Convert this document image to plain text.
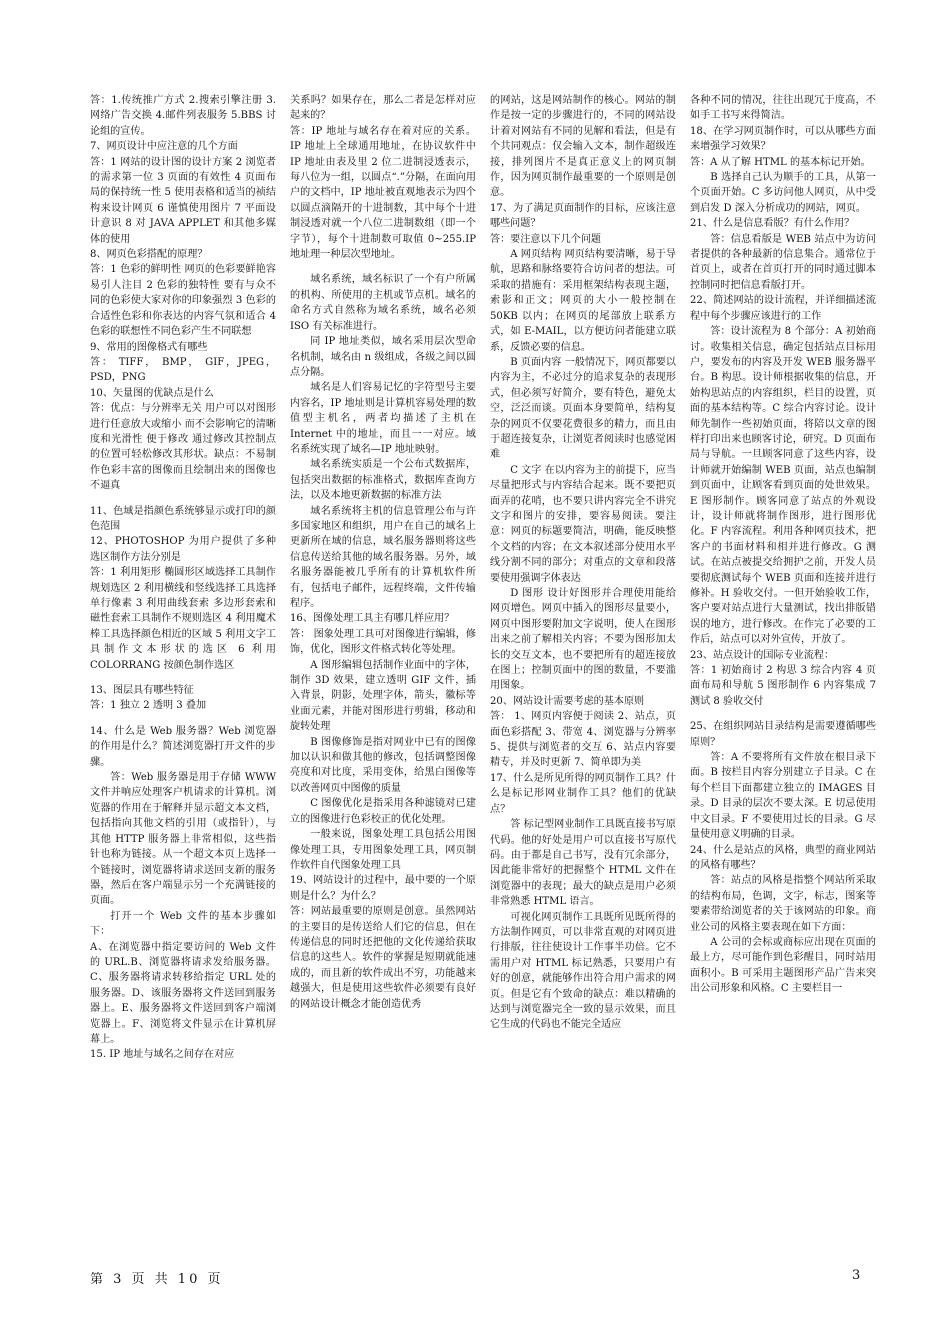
答：1.传统推广方式 2.搜索引擎注册 3.网络广告交换 4.邮件列表服务 5.BBS 讨论组的宣传。

7、网页设计中应注意的几个方面

答：1 网站的设计图的设计方案 2 浏览者的需求第一位 3 页面的有效性 4 页面布局的保持统一性 5 使用表格和适当的祯结构来设计网页 6 谨慎使用图片 7 平面设计意识 8 对 JAVA APPLET 和其他多媒体的使用

8、网页色彩搭配的原理？

答：1 色彩的鲜明性 网页的色彩要鲜艳容易引人注目 2 色彩的独特性 要有与众不同的色彩使大家对你的印象强烈 3 色彩的合适性色彩和你表达的内容气氛和适合 4 色彩的联想性不同色彩产生不同联想

9、常用的图像格式有哪些

答： TIFF， BMP， GIF，JPEG，PSD，PNG

10、矢量图的优缺点是什么

答：优点：与分辨率无关 用户可以对图形进行任意放大或缩小 而不会影响它的清晰度和光滑性 便于修改 通过修改其控制点的位置可轻松修改其形状。缺点：不易制作色彩丰富的图像而且绘制出来的图像也不逼真

11、色域是指颜色系统够显示或打印的颜色范围

12、PHOTOSHOP 为用户提供了多种选区制作方法分别是

答：1 利用矩形 椭圆形区域选择工具制作规划选区 2 利用横线和竖线选择工具选择单行像素 3 利用曲线套索 多边形套索和磁性套索工具制作不规则选区 4 利用魔术棒工具选择颜色相近的区域 5 利用文字工具制作文本形状的选区 6 利用 COLORRANG 按颜色制作选区

13、图层具有哪些特征

答：1 独立 2 透明 3 叠加

14、什么是 Web 服务器？Web 浏览器的作用是什么？简述浏览器打开文件的步骤。

答：Web 服务器是用于存储 WWW 文件并响应处理客户机请求的计算机。浏览器的作用在于解释并显示超文本文档，包括指向其他文档的引用（或指针），与其他 HTTP 服务器上非常相似，这些指针也称为链接。从一个超文本页上选择一个链接时，浏览器将请求送回支新的服务器，然后在客户端显示另一个充满链接的页面。

打开一个 Web 文件的基本步骤如下：

A、在浏览器中指定要访问的 Web 文件的 URL.B、浏览器将请求发给服务器。C、服务器将请求转移给指定 URL 处的服务器。D、该服务器将文件送回到服务器上。E、服务器将文件送回到客户端浏览器上。F、浏览将文件显示在计算机屏幕上。

15. IP 地址与域名之间存在对应

关系吗？如果存在，那么二者是怎样对应起来的？

答：IP 地址与域名存在着对应的关系。IP 地址上全球通用地址，在协议软件中 IP 地址由表及里 2 位二进制浸透表示，每八位为一组，以圆点“.”分隔，在面向用户的文档中，IP 地址被直观地表示为四个以圆点滴隔开的十进制数，其中每个十进制浸透对就一个八位二进制数组（即一个字节），每个十进制数可取值 0~255.IP 地址理一种层次型地址。

域名系统，域名标识了一个有户所属的机构、所使用的主机或节点机。域名的命名方式自然称为域名系统，域名必须 ISO 有关标准进行。

同 IP 地址类似，域名采用层次型命名机制，域名由 n 级组成，各级之间以圆点分隔。

域名是人们容易记忆的字符型号主要内容名，IP 地址则是计算机容易处理的数值型主机名，两者均描述了主机在 Internet 中的地址，而且一一对应。域名系统实现了域名—IP 地址映射。

域名系统实质是一个公布式数据库，包括突出数据的标准格式，数据库查询方法，以及本地更新数据的标准方法

域名系统将主机的信息管理公布与许多国家地区和组织，用户在自己的域名上更新所在域的信息，域名服务器则将这些信息传送给其他的域名服务器。另外，域名服务器能被几乎所有的计算机软件所有，包括电子邮件，远程终端，文件传输程序。

16、图像处理工具主有哪几样应用？

答： 图象处理工具可对图像进行编辑，修饰，优化，图形文件格式转化等处理。

A 图形编辑包括制作业面中的字体，制作 3D 效果，建立透明 GIF 文件，插入背景，阴影，处理字体，箭头，徽标等业面元素，并能对图形进行剪辑，移动和旋转处理

B 图像修饰是指对网业中已有的图像加以认识和做其他的修改，包括调整图像亮度和对比度，采用变体，给黑白图像等以改善网页中图像的质量

C 图像优化是指采用各种滤镜对已建立的图像进行色彩校正的优化处理。

一般来说，图象处理工具包括公用图像处理工具，专用图象处理工具，网页制作软件自代图象处理工具

19、网站设计的过程中，最中要的一个原则是什么？为什么？

答：网站最重要的原则是创意。虽然网站的主要目的是传送给人们它的信息，但在传递信息的同时还把他的文化传递给获取信息的这些人。软件的掌握是短期就能速成的，而且新的软件成出不穷，功能越来越强大，但是使用这些软件必须要有良好的网站设计概念才能创造优秀

的网站，这是网站制作的核心。网站的制作是按一定的步骤进行的，不同的网站设计着对网站有不同的见解和看法，但是有个共同观点：仅会输入文本，制作超级连接，排列图片不是真正意义上的网页制作，因为网页制作最重要的一个原则是创意。

17、为了满足页面制作的目标，应该注意哪些问题？

答：要注意以下几个问题

A 网页结构 网页结构要清晰，易于导航，思路和脉络要符合访问者的想法。可采取的措施有：采用框架结构表现主题，索影和正文；网页的大小一般控制在 50KB 以内；在网页的尾部放上联系方式，如 E-MAIL，以方便访问者能建立联系，反馈必要的信息。

B 页面内容 一般情况下，网页都要以内容为主，不必过分的追求复杂的表现形式，但必须写好简介，要有特色，避免太空，泛泛而谈。页面本身要简单，结构复杂的网页不仅要花费很多的精力，而且由于超连接复杂，让浏览者阅读时也感觉困难

C 文字 在以内容为主的前提下，应当尽量把形式与内容结合起来。既不要把页面弄的花哨，也不要只讲内容完全不讲究文字和图片的安排，要容易阅读。要注意：网页的标题要简洁，明确，能反映整个文档的内容；在文本叙述部分使用水平线分割不同的部分；对重点的文章和段落要使用强调字体表达

D 图形 设计好图形并合理使用能给网页增色。网页中插入的图形尽量要小，网页中图形要附加文字说明，使人在图形出来之前了解相关内容；不要为图形加太长的交互文本，也不要把所有的超连接放在图上；控制页面中的图的数量，不要滥用图象。

20、网站设计需要考虑的基本原则

答： 1、网页内容便于阅读 2、站点，页面色彩搭配 3、带宽 4、浏览器与分辨率 5、提供与浏览者的交互 6、站点内容要精专，并及时更新 7、简单即为美

17、什么是所见所得的网页制作工具？什么是标记形网业制作工具？他们的优缺点？

答 标记型网业制作工具既直接书写原代码。他的好处是用户可以直接书写原代码。由于都是自己书写，没有冗余部分，因此能非常好的把握整个 HTML 文件在浏览器中的表现；最大的缺点是用户必须非常熟悉 HTML 语言。

可视化网页制作工具既所见既所得的方法制作网页，可以非常直观的对网页进行排版，往往使设计工作事半功倍。它不需用户对 HTML 标记熟悉，只要用户有好的创意，就能够作出符合用户需求的网页。但是它有个致命的缺点：难以精确的达到与浏览器完全一致的显示效果，而且它生成的代码也不能完全适应

各种不同的情况，往往出现冗于度高，不如手工书写来得简洁。

18、在学习网页制作时，可以从哪些方面来增强学习效果？

答：A 从了解 HTML 的基本标记开始。

B 选择自己认为顺手的工具，从第一个页面开始。C 多访问他人网页，从中受到启发 D 深入分析成功的网站，网页。

21、什么是信息看版？有什么作用？

答：信息看版是 WEB 站点中为访问者提供的各种最新的信息集合。通常位于首页上，或者在首页打开的同时通过脚本控制同时把信息看版打开。

22、简述网站的设计流程，并详细描述流程中每个步骤应该进行的工作

答：设计流程为 8 个部分：A 初始商讨。收集相关信息，确定包括站点目标用户，要发布的内容及开发 WEB 服务器平台。B 构思。设计师根据收集的信息，开始构思站点的内容组织，栏目的设置，页面的基本结构等。C 综合内容讨论。设计师先制作一些初始页面，将陪以文章的图样打印出来也顾客讨论，研究。D 页面布局与导航。一旦顾客同意了这些内容，设计师就开始编制 WEB 页面，站点也编制到页面中，让顾客看到页面的处世效果。E 图形制作。顾客同意了站点的外观设计，设计师就将制作图形，进行图形优化。F 内容流程。利用各种网页技术，把客户的书面材料和相并进行修改。G 测试。在站点被提交给拥护之前，开发人员要彻底测试每个 WEB 页面和连接并进行修补。H 验收交付。一但开始验收工作，客户要对站点进行大量测试，找出排版错误的地方，进行修改。在作完了必要的工作后，站点可以对外宣传，开放了。

23、站点设计的国际专业流程：

答：1 初始商讨 2 构思 3 综合内容 4 页面布局和导航 5 图形制作 6 内容集成 7 测试 8 验收交付

25、在组织网站目录结构是需要遵循哪些原则？

答：A 不要将所有文件放在根目录下面。B 按栏目内容分别建立子目录。C 在每个栏目下面都建立独立的 IMAGES 目录。D 目录的层次不要太深。E 切忌使用中文目录。F 不要使用过长的目录。G 尽量使用意义明确的目录。

24、什么是站点的风格，典型的商业网站的风格有哪些？

答：站点的风格是指整个网站所采取的结构布局，色调，文字，标志，图案等要素带给浏览者的关于该网站的印象。商业公司的风格主要表现在如下方面：

A 公司的会标或商标应出现在页面的最上方，尽可能作到色彩醒目，同时站用面积小。B 可采用主题图形产品广告来突出公司形象和风格。C 主要栏目一

第 3 页 共 10 页	3
